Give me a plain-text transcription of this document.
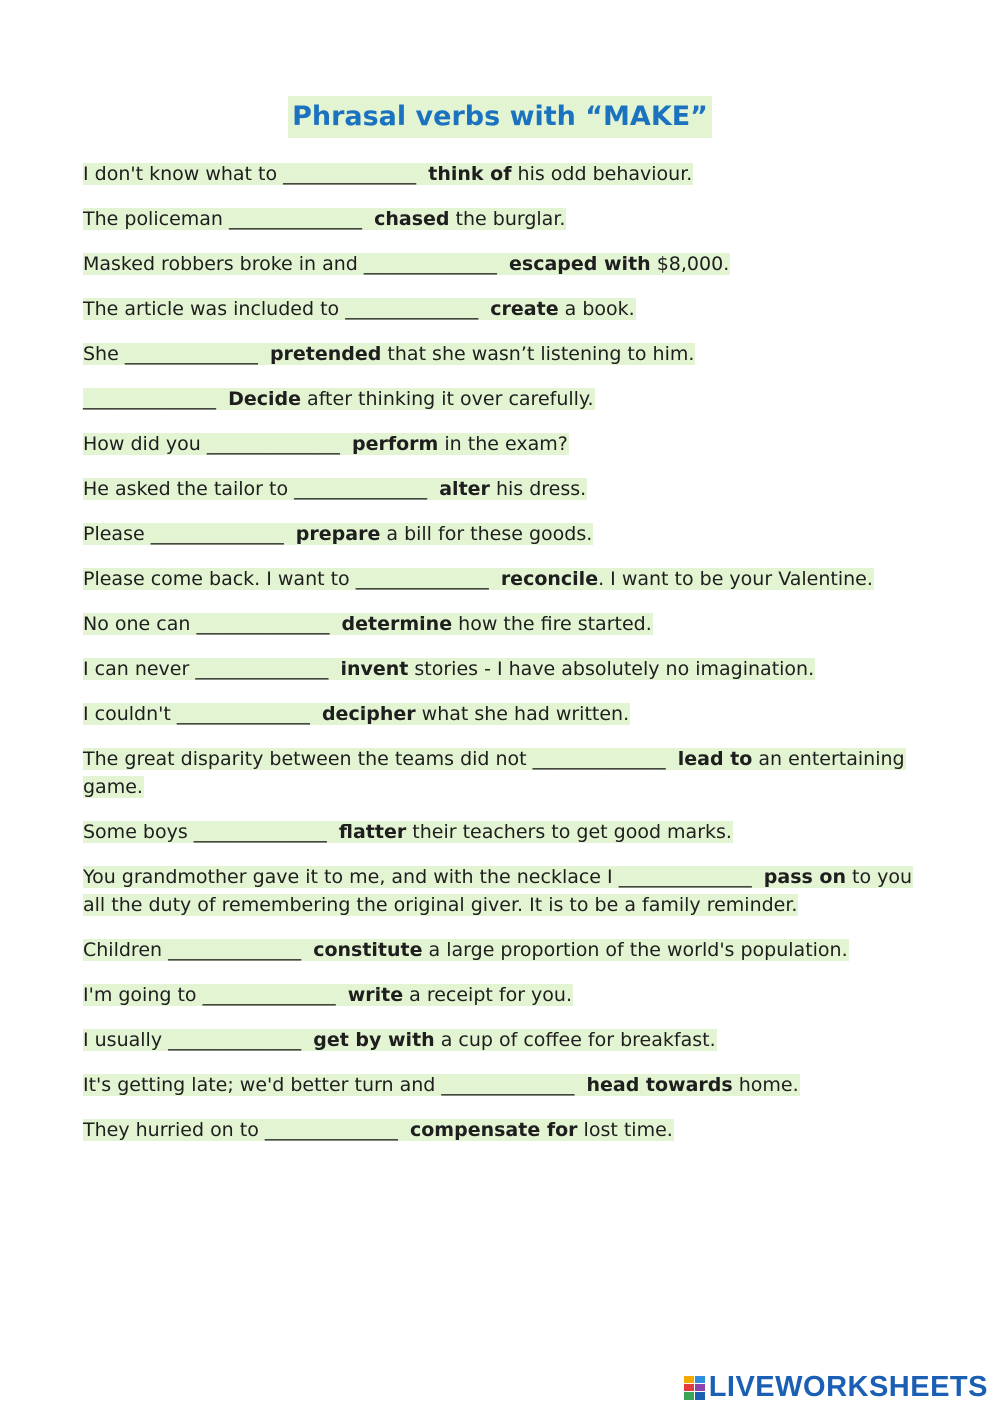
Phrasal verbs with “MAKE”
I don't know what to ______________ think of his odd behaviour.
The policeman ______________ chased the burglar.
Masked robbers broke in and ______________ escaped with $8,000.
The article was included to ______________ create a book.
She ______________ pretended that she wasn’t listening to him.
______________ Decide after thinking it over carefully.
How did you ______________ perform in the exam?
He asked the tailor to ______________ alter his dress.
Please ______________ prepare a bill for these goods.
Please come back. I want to ______________ reconcile. I want to be your Valentine.
No one can ______________ determine how the fire started.
I can never ______________ invent stories - I have absolutely no imagination.
I couldn't ______________ decipher what she had written.
The great disparity between the teams did not ______________ lead to an entertaining game.
Some boys ______________ flatter their teachers to get good marks.
You grandmother gave it to me, and with the necklace I ______________ pass on to you all the duty of remembering the original giver. It is to be a family reminder.
Children ______________ constitute a large proportion of the world's population.
I'm going to ______________ write a receipt for you.
I usually ______________ get by with a cup of coffee for breakfast.
It's getting late; we'd better turn and ______________ head towards home.
They hurried on to ______________ compensate for lost time.
LIVEWORKSHEETS
